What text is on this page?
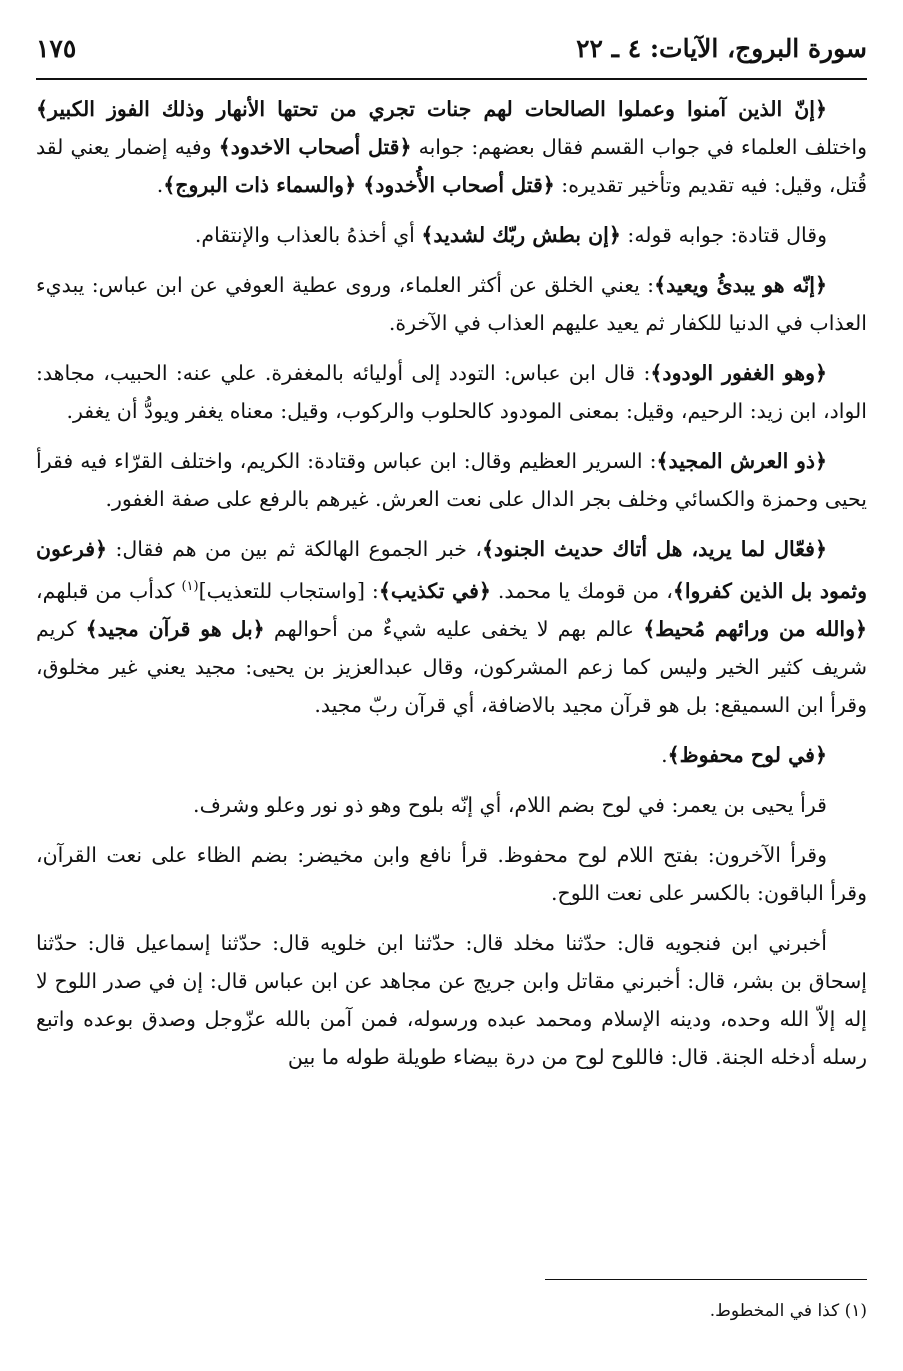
سورة البروج، الآيات: ٤ ـ ٢٢
١٧٥

﴿إنّ الذين آمنوا وعملوا الصالحات لهم جنات تجري من تحتها الأنهار وذلك الفوز الكبير﴾ واختلف العلماء في جواب القسم فقال بعضهم: جوابه ﴿قتل أصحاب الاخدود﴾ وفيه إضمار يعني لقد قُتل، وقيل: فيه تقديم وتأخير تقديره: ﴿قتل أصحاب الأُخدود﴾ ﴿والسماء ذات البروج﴾.

وقال قتادة: جوابه قوله: ﴿إن بطش ربّك لشديد﴾ أي أخذهُ بالعذاب والإنتقام.

﴿إنّه هو يبدئُ ويعيد﴾: يعني الخلق عن أكثر العلماء، وروى عطية العوفي عن ابن عباس: يبديء العذاب في الدنيا للكفار ثم يعيد عليهم العذاب في الآخرة.

﴿وهو الغفور الودود﴾: قال ابن عباس: التودد إلى أوليائه بالمغفرة. علي عنه: الحبيب، مجاهد: الواد، ابن زيد: الرحيم، وقيل: بمعنى المودود كالحلوب والركوب، وقيل: معناه يغفر ويودُّ أن يغفر.

﴿ذو العرش المجيد﴾: السرير العظيم وقال: ابن عباس وقتادة: الكريم، واختلف القرّاء فيه فقرأ يحيى وحمزة والكسائي وخلف بجر الدال على نعت العرش. غيرهم بالرفع على صفة الغفور.

﴿فعّال لما يريد، هل أتاك حديث الجنود﴾، خبر الجموع الهالكة ثم بين من هم فقال: ﴿فرعون وثمود بل الذين كفروا﴾، من قومك يا محمد. ﴿في تكذيب﴾: [واستجاب للتعذيب]$^{(١)}$ كدأب من قبلهم، ﴿والله من ورائهم مُحيط﴾ عالم بهم لا يخفى عليه شيءٌ من أحوالهم ﴿بل هو قرآن مجيد﴾ كريم شريف كثير الخير وليس كما زعم المشركون، وقال عبدالعزيز بن يحيى: مجيد يعني غير مخلوق، وقرأ ابن السميقع: بل هو قرآن مجيد بالاضافة، أي قرآن ربّ مجيد.

﴿في لوح محفوظ﴾.

قرأ يحيى بن يعمر: في لوح بضم اللام، أي إنّه بلوح وهو ذو نور وعلو وشرف.

وقرأ الآخرون: بفتح اللام لوح محفوظ. قرأ نافع وابن مخيضر: بضم الظاء على نعت القرآن، وقرأ الباقون: بالكسر على نعت اللوح.

أخبرني ابن فنجويه قال: حدّثنا مخلد قال: حدّثنا ابن خلويه قال: حدّثنا إسماعيل قال: حدّثنا إسحاق بن بشر، قال: أخبرني مقاتل وابن جريج عن مجاهد عن ابن عباس قال: إن في صدر اللوح لا إله إلاّ الله وحده، ودينه الإسلام ومحمد عبده ورسوله، فمن آمن بالله عزّوجل وصدق بوعده واتبع رسله أدخله الجنة. قال: فاللوح لوح من درة بيضاء طويلة طوله ما بين

(١) كذا في المخطوط.
